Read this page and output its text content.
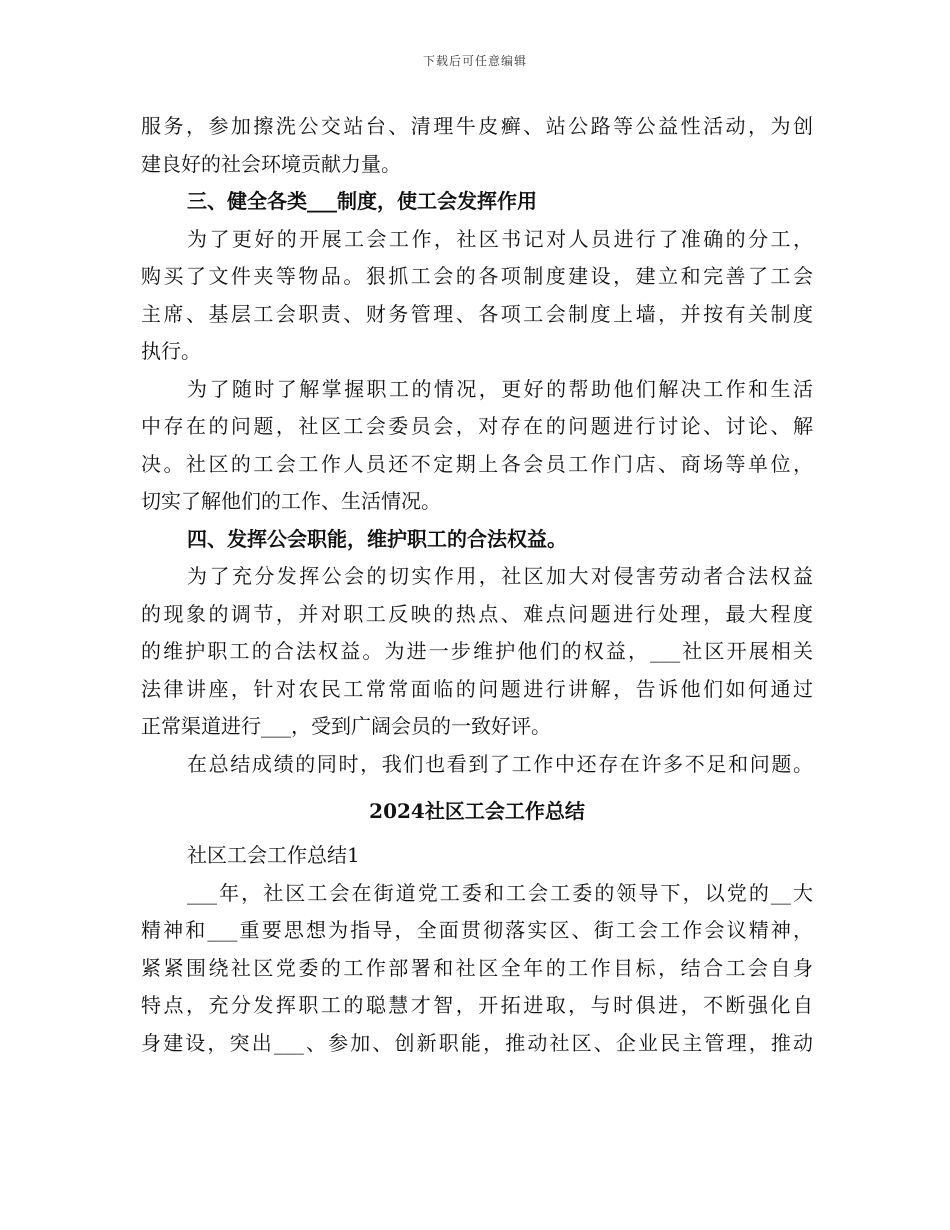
下载后可任意编辑
服务，参加擦洗公交站台、清理牛皮癣、站公路等公益性活动，为创
建良好的社会环境贡献力量。
三、健全各类___制度，使工会发挥作用
为了更好的开展工会工作，社区书记对人员进行了准确的分工，
购买了文件夹等物品。狠抓工会的各项制度建设，建立和完善了工会
主席、基层工会职责、财务管理、各项工会制度上墙，并按有关制度
执行。
为了随时了解掌握职工的情况，更好的帮助他们解决工作和生活
中存在的问题，社区工会委员会，对存在的问题进行讨论、讨论、解
决。社区的工会工作人员还不定期上各会员工作门店、商场等单位，
切实了解他们的工作、生活情况。
四、发挥公会职能，维护职工的合法权益。
为了充分发挥公会的切实作用，社区加大对侵害劳动者合法权益
的现象的调节，并对职工反映的热点、难点问题进行处理，最大程度
的维护职工的合法权益。为进一步维护他们的权益，___社区开展相关
法律讲座，针对农民工常常面临的问题进行讲解，告诉他们如何通过
正常渠道进行___，受到广阔会员的一致好评。
在总结成绩的同时，我们也看到了工作中还存在许多不足和问题。
2024社区工会工作总结
社区工会工作总结1
___年，社区工会在街道党工委和工会工委的领导下，以党的__大
精神和___重要思想为指导，全面贯彻落实区、街工会工作会议精神，
紧紧围绕社区党委的工作部署和社区全年的工作目标，结合工会自身
特点，充分发挥职工的聪慧才智，开拓进取，与时俱进，不断强化自
身建设，突出___、参加、创新职能，推动社区、企业民主管理，推动
